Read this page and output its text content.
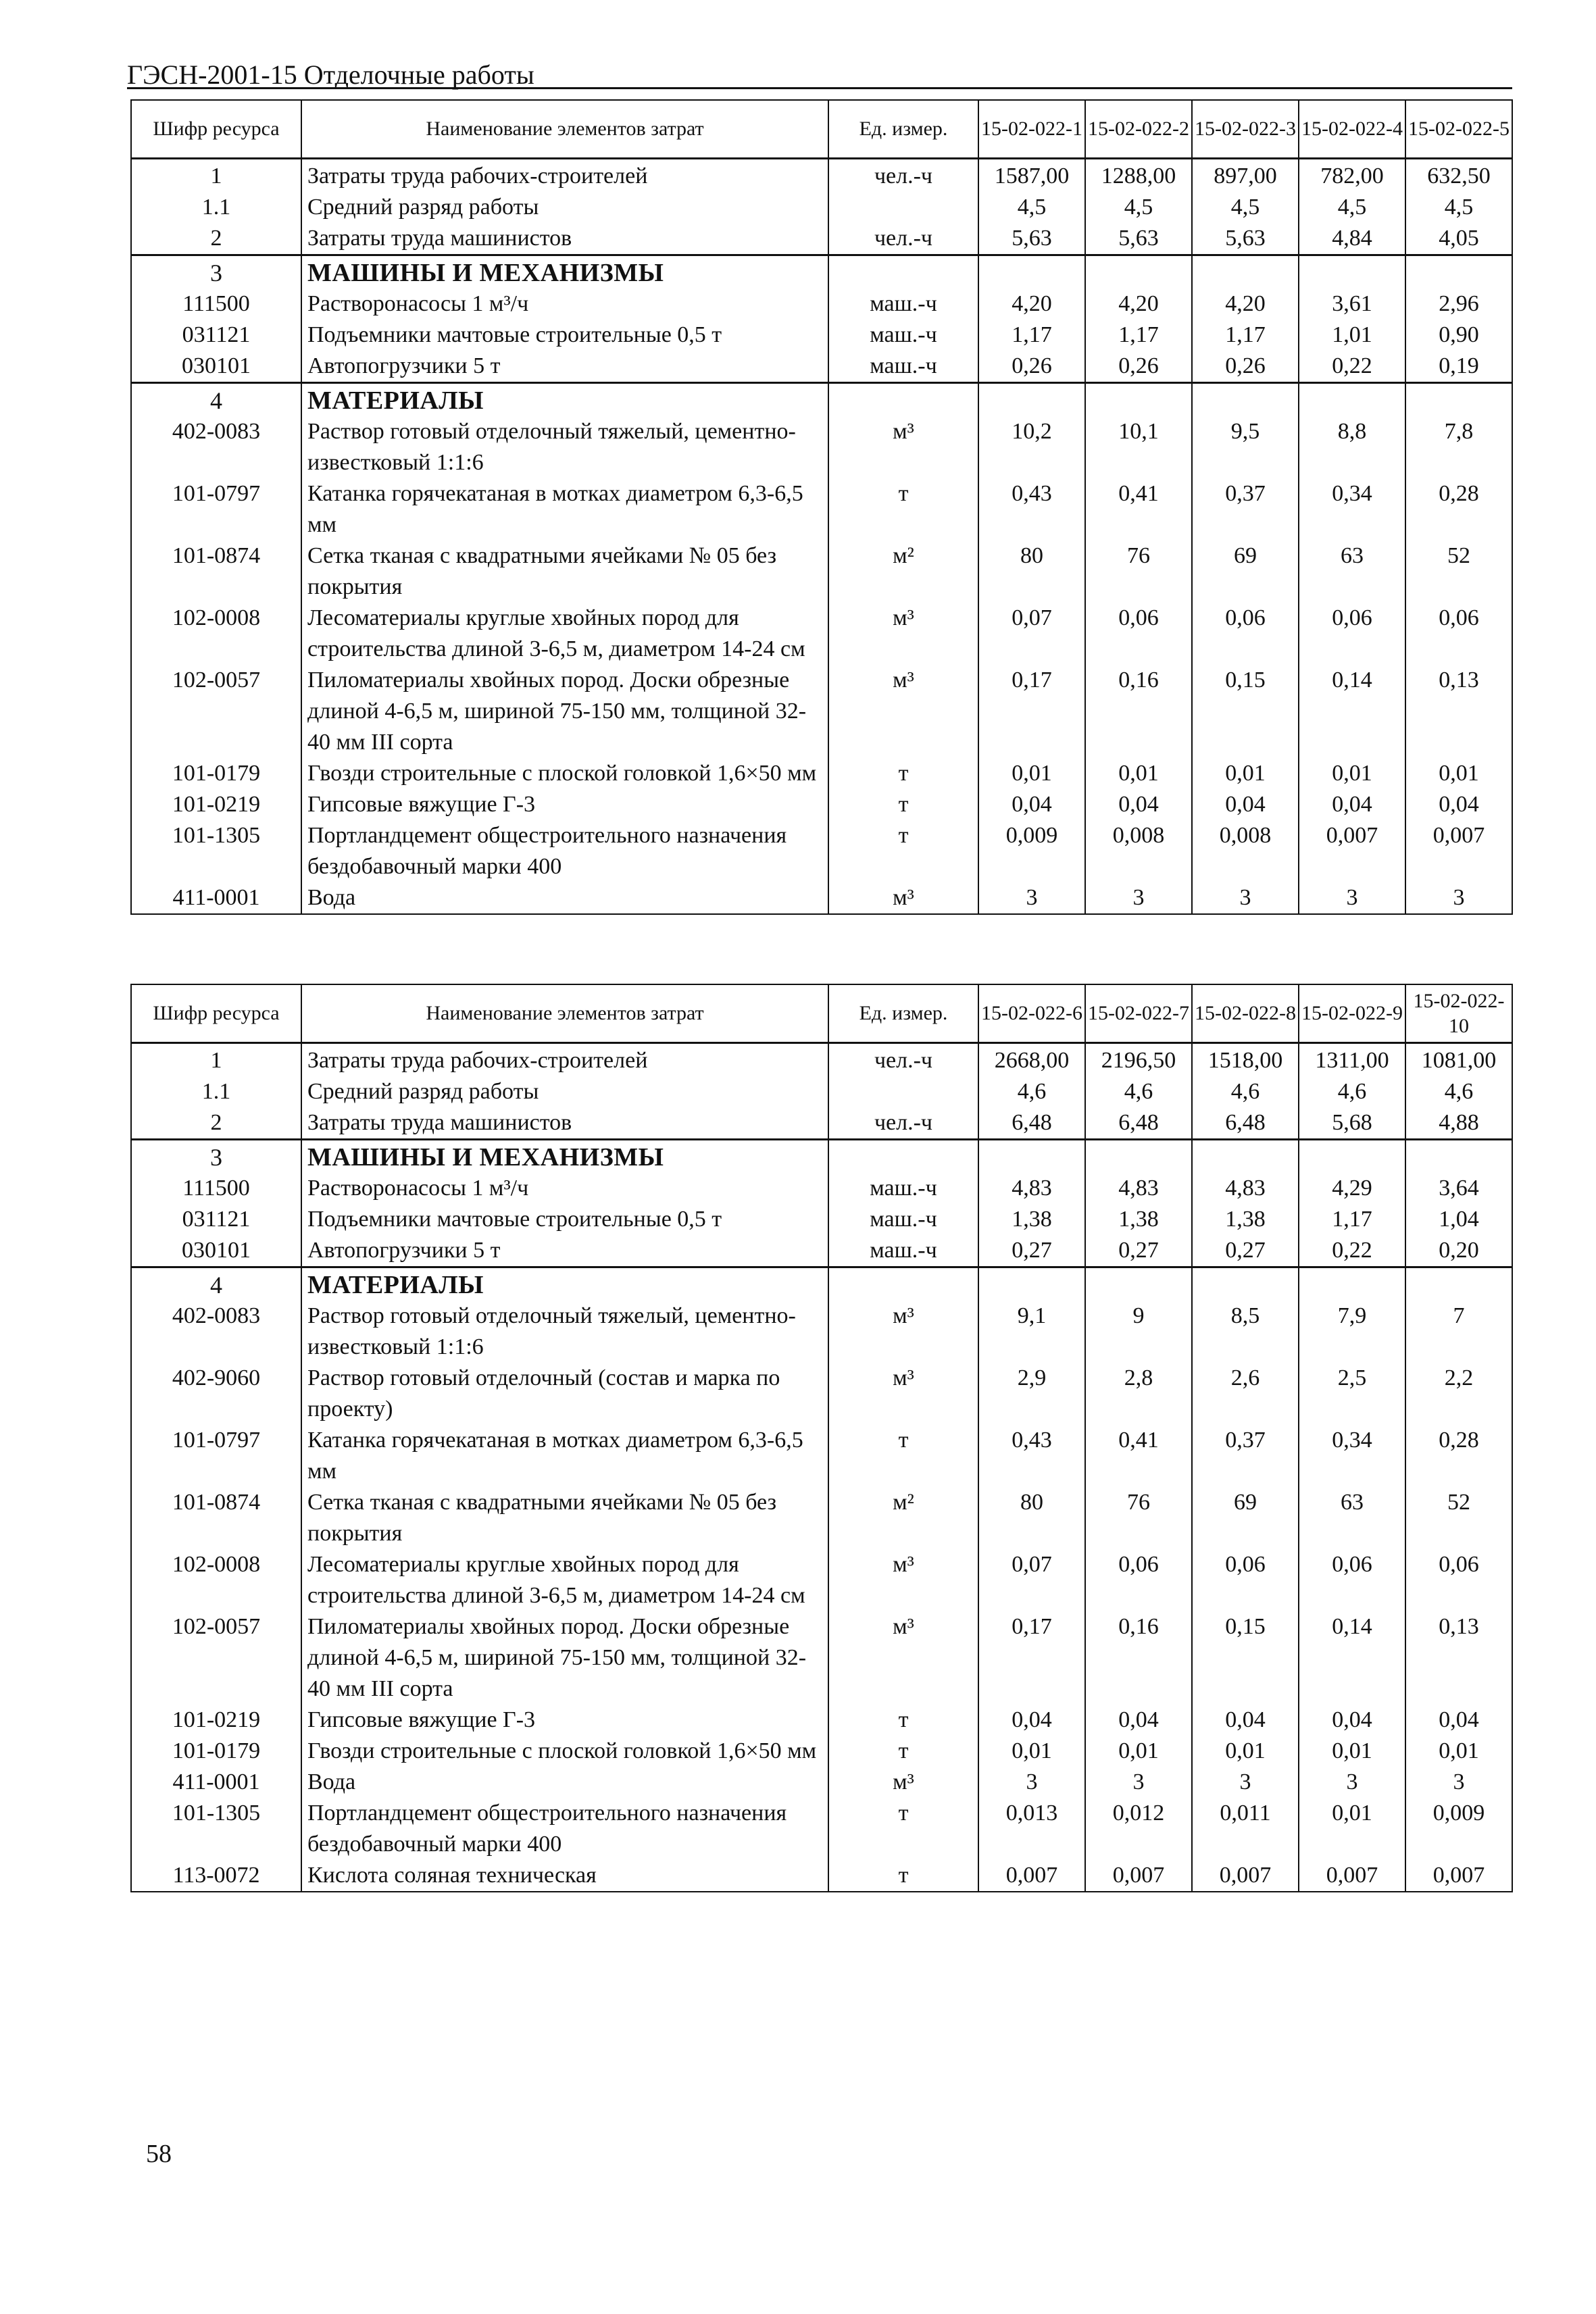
ГЭСН-2001-15 Отделочные работы
Шифр ресурса	Наименование элементов затрат	Ед. измер.	15-02-022-1	15-02-022-2	15-02-022-3	15-02-022-4	15-02-022-5
1	Затраты труда рабочих-строителей	чел.-ч	1587,00	1288,00	897,00	782,00	632,50
1.1	Средний разряд работы		4,5	4,5	4,5	4,5	4,5
2	Затраты труда машинистов	чел.-ч	5,63	5,63	5,63	4,84	4,05
3	МАШИНЫ И МЕХАНИЗМЫ						
111500	Растворонасосы 1 м³/ч	маш.-ч	4,20	4,20	4,20	3,61	2,96
031121	Подъемники мачтовые строительные 0,5 т	маш.-ч	1,17	1,17	1,17	1,01	0,90
030101	Автопогрузчики 5 т	маш.-ч	0,26	0,26	0,26	0,22	0,19
4	МАТЕРИАЛЫ						
402-0083	Раствор готовый отделочный тяжелый, цементно-известковый 1:1:6	м³	10,2	10,1	9,5	8,8	7,8
101-0797	Катанка горячекатаная в мотках диаметром 6,3-6,5 мм	т	0,43	0,41	0,37	0,34	0,28
101-0874	Сетка тканая с квадратными ячейками № 05 без покрытия	м²	80	76	69	63	52
102-0008	Лесоматериалы круглые хвойных пород для строительства длиной 3-6,5 м, диаметром 14-24 см	м³	0,07	0,06	0,06	0,06	0,06
102-0057	Пиломатериалы хвойных пород. Доски обрезные длиной 4-6,5 м, шириной 75-150 мм, толщиной 32-40 мм III сорта	м³	0,17	0,16	0,15	0,14	0,13
101-0179	Гвозди строительные с плоской головкой 1,6×50 мм	т	0,01	0,01	0,01	0,01	0,01
101-0219	Гипсовые вяжущие Г-3	т	0,04	0,04	0,04	0,04	0,04
101-1305	Портландцемент общестроительного назначения бездобавочный марки 400	т	0,009	0,008	0,008	0,007	0,007
411-0001	Вода	м³	3	3	3	3	3
Шифр ресурса	Наименование элементов затрат	Ед. измер.	15-02-022-6	15-02-022-7	15-02-022-8	15-02-022-9	15-02-022-10
1	Затраты труда рабочих-строителей	чел.-ч	2668,00	2196,50	1518,00	1311,00	1081,00
1.1	Средний разряд работы		4,6	4,6	4,6	4,6	4,6
2	Затраты труда машинистов	чел.-ч	6,48	6,48	6,48	5,68	4,88
3	МАШИНЫ И МЕХАНИЗМЫ						
111500	Растворонасосы 1 м³/ч	маш.-ч	4,83	4,83	4,83	4,29	3,64
031121	Подъемники мачтовые строительные 0,5 т	маш.-ч	1,38	1,38	1,38	1,17	1,04
030101	Автопогрузчики 5 т	маш.-ч	0,27	0,27	0,27	0,22	0,20
4	МАТЕРИАЛЫ						
402-0083	Раствор готовый отделочный тяжелый, цементно-известковый 1:1:6	м³	9,1	9	8,5	7,9	7
402-9060	Раствор готовый отделочный (состав и марка по проекту)	м³	2,9	2,8	2,6	2,5	2,2
101-0797	Катанка горячекатаная в мотках диаметром 6,3-6,5 мм	т	0,43	0,41	0,37	0,34	0,28
101-0874	Сетка тканая с квадратными ячейками № 05 без покрытия	м²	80	76	69	63	52
102-0008	Лесоматериалы круглые хвойных пород для строительства длиной 3-6,5 м, диаметром 14-24 см	м³	0,07	0,06	0,06	0,06	0,06
102-0057	Пиломатериалы хвойных пород. Доски обрезные длиной 4-6,5 м, шириной 75-150 мм, толщиной 32-40 мм III сорта	м³	0,17	0,16	0,15	0,14	0,13
101-0219	Гипсовые вяжущие Г-3	т	0,04	0,04	0,04	0,04	0,04
101-0179	Гвозди строительные с плоской головкой 1,6×50 мм	т	0,01	0,01	0,01	0,01	0,01
411-0001	Вода	м³	3	3	3	3	3
101-1305	Портландцемент общестроительного назначения бездобавочный марки 400	т	0,013	0,012	0,011	0,01	0,009
113-0072	Кислота соляная техническая	т	0,007	0,007	0,007	0,007	0,007
58
